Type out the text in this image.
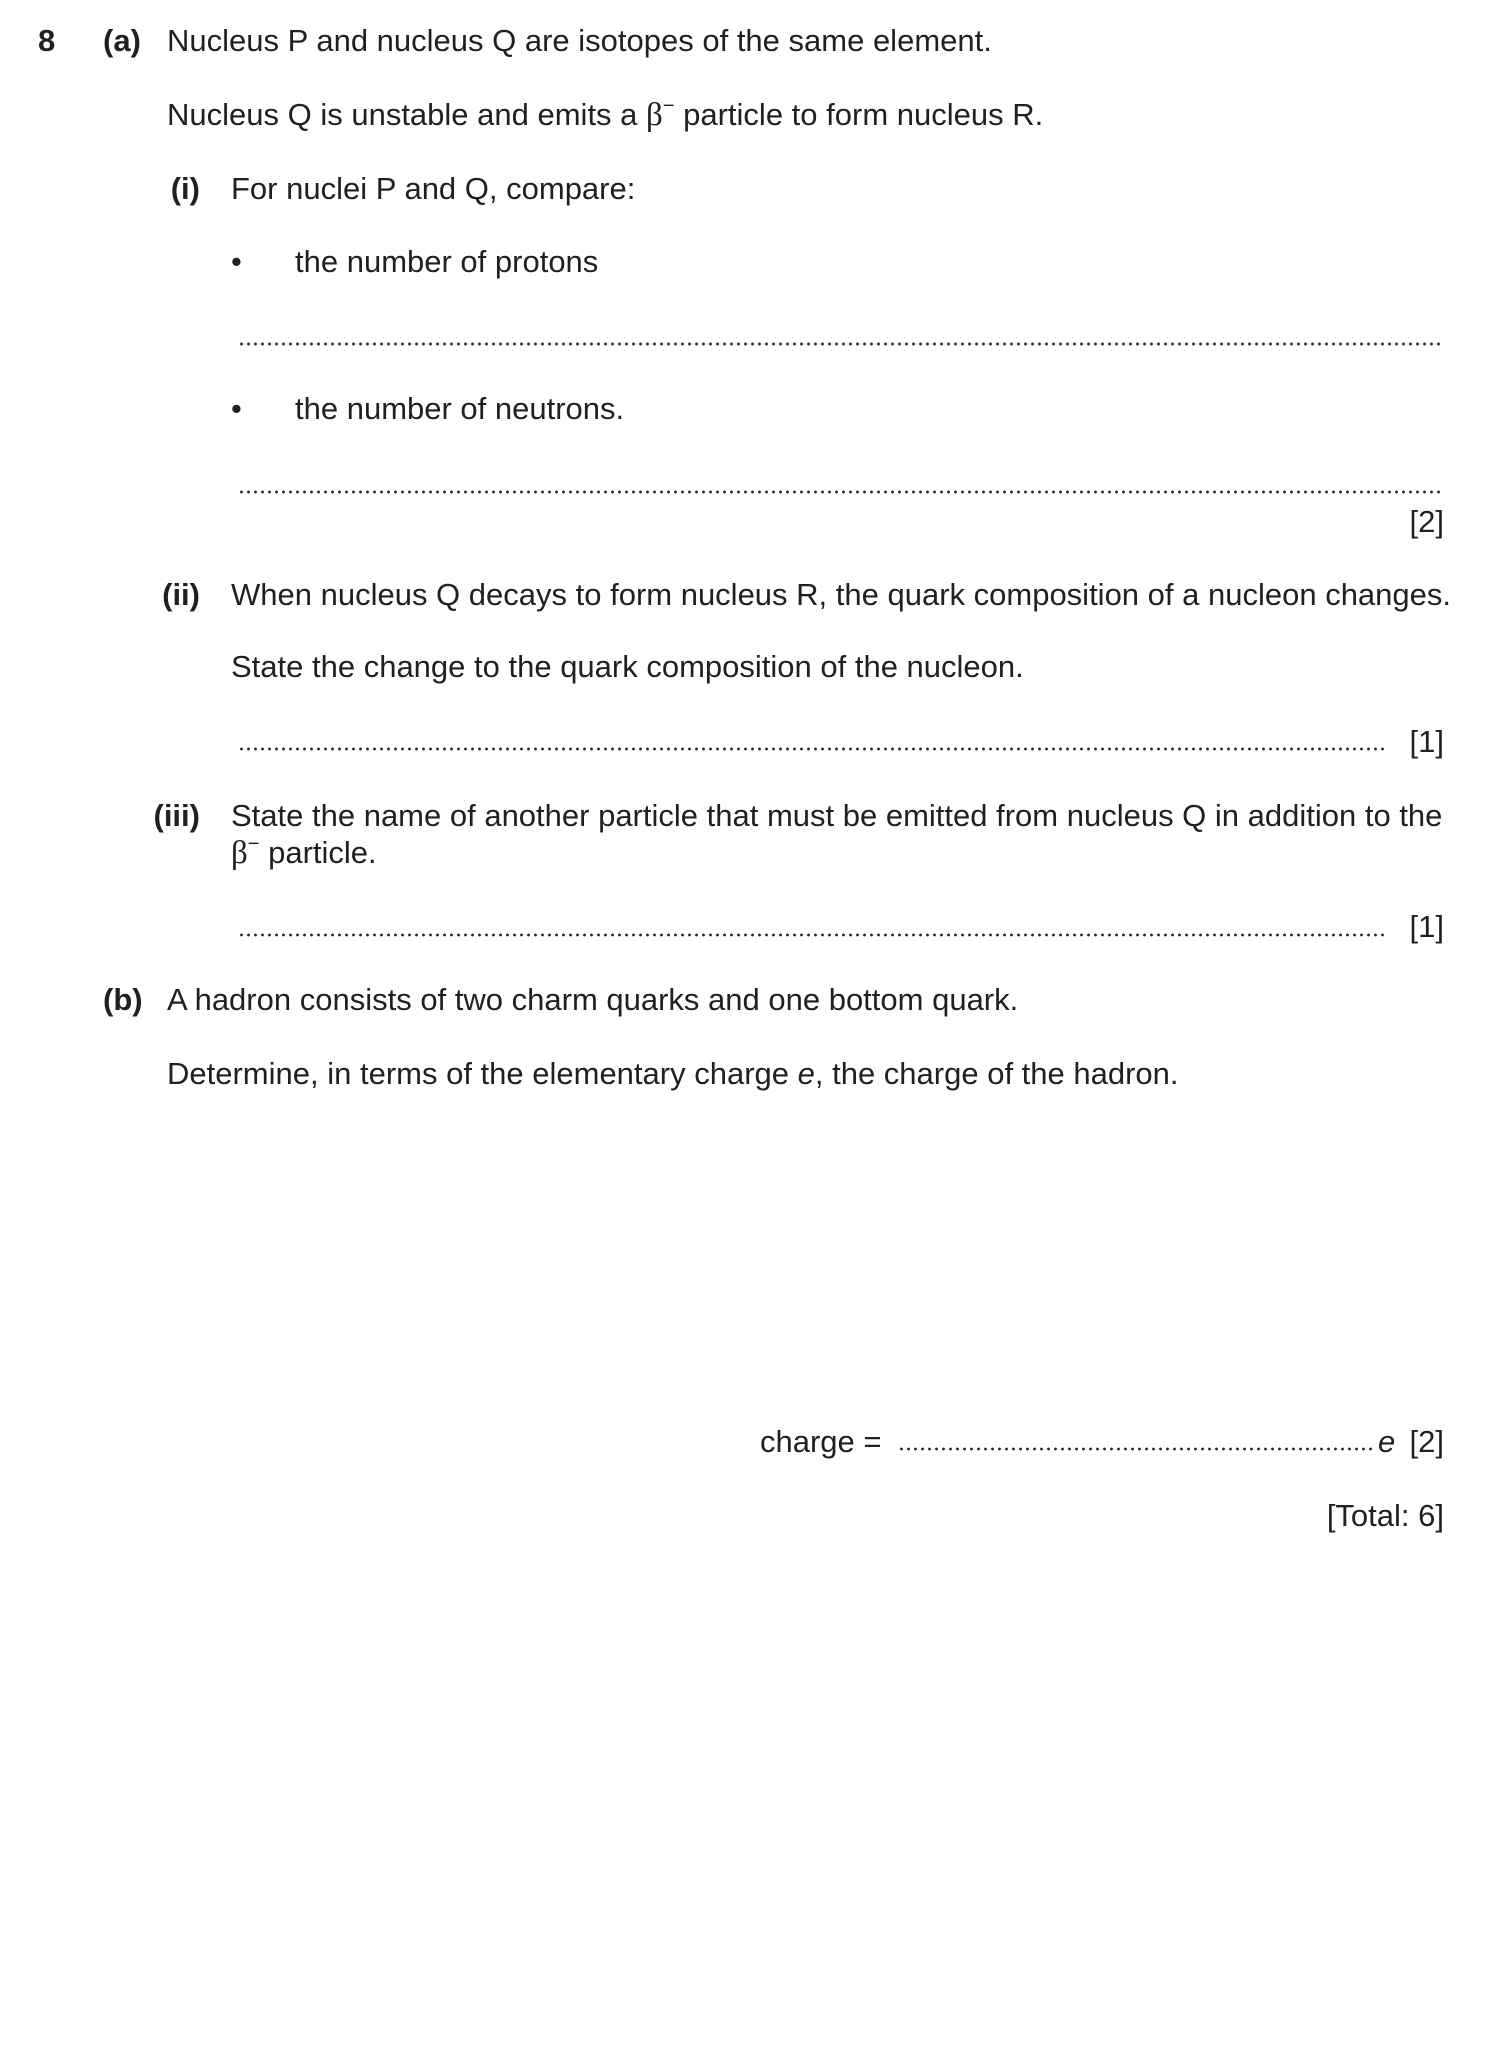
8 (a) Nucleus P and nucleus Q are isotopes of the same element.
Nucleus Q is unstable and emits a β− particle to form nucleus R.
(i) For nuclei P and Q, compare:
• the number of protons
• the number of neutrons.
[2]
(ii) When nucleus Q decays to form nucleus R, the quark composition of a nucleon changes.
State the change to the quark composition of the nucleon.
[1]
(iii) State the name of another particle that must be emitted from nucleus Q in addition to the
β− particle.
[1]
(b) A hadron consists of two charm quarks and one bottom quark.
Determine, in terms of the elementary charge e, the charge of the hadron.
charge =	e [2]
[Total: 6]
